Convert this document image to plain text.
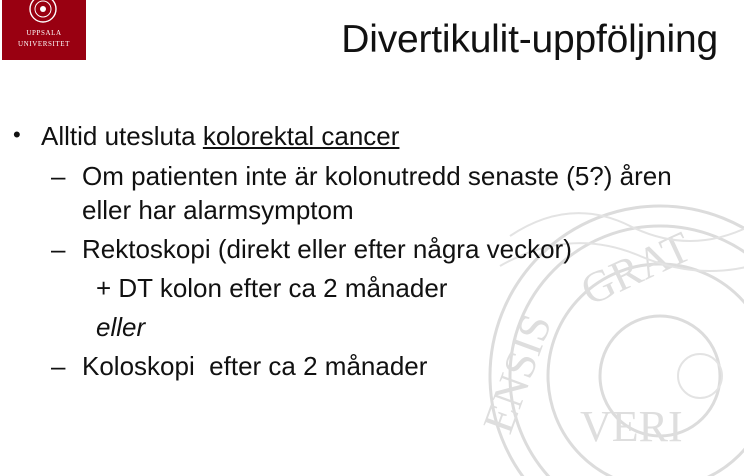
UPPSALA
UNIVERSITET
ENSIS
GRAT
VERI
Divertikulit-uppföljning
• Alltid utesluta kolorektal cancer
– Om patienten inte är kolonutredd senaste (5?) åren
eller har alarmsymptom
– Rektoskopi (direkt eller efter några veckor)
+ DT kolon efter ca 2 månader
eller
– Koloskopi  efter ca 2 månader
